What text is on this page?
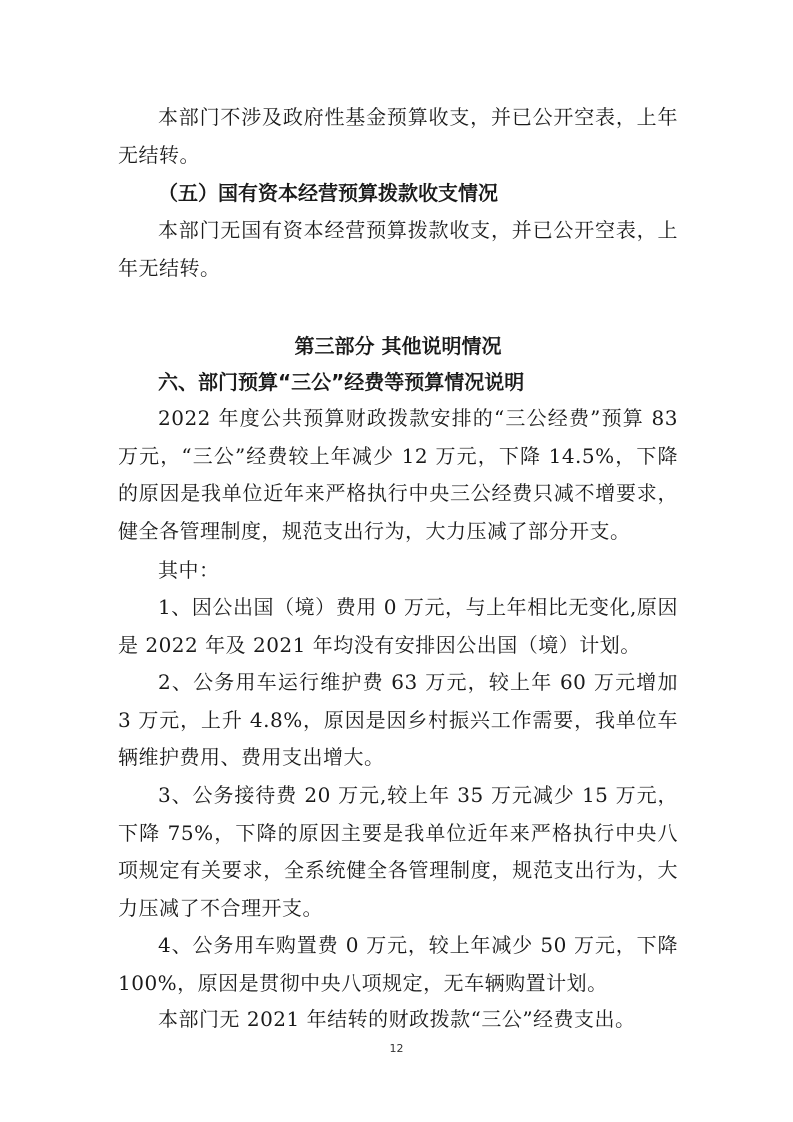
本部门不涉及政府性基金预算收支，并已公开空表，上年无结转。

（五）国有资本经营预算拨款收支情况

本部门无国有资本经营预算拨款收支，并已公开空表，上年无结转。

第三部分 其他说明情况

六、部门预算“三公”经费等预算情况说明

2022 年度公共预算财政拨款安排的“三公经费”预算 83 万元，“三公”经费较上年减少 12 万元，下降 14.5%，下降的原因是我单位近年来严格执行中央三公经费只减不增要求，健全各管理制度，规范支出行为，大力压减了部分开支。

其中：

1、因公出国（境）费用 0 万元，与上年相比无变化,原因是 2022 年及 2021 年均没有安排因公出国（境）计划。

2、公务用车运行维护费 63 万元，较上年 60 万元增加 3 万元，上升 4.8%，原因是因乡村振兴工作需要，我单位车辆维护费用、费用支出增大。

3、公务接待费 20 万元,较上年 35 万元减少 15 万元，下降 75%，下降的原因主要是我单位近年来严格执行中央八项规定有关要求，全系统健全各管理制度，规范支出行为，大力压减了不合理开支。

4、公务用车购置费 0 万元，较上年减少 50 万元，下降 100%，原因是贯彻中央八项规定，无车辆购置计划。

本部门无 2021 年结转的财政拨款“三公”经费支出。

12
